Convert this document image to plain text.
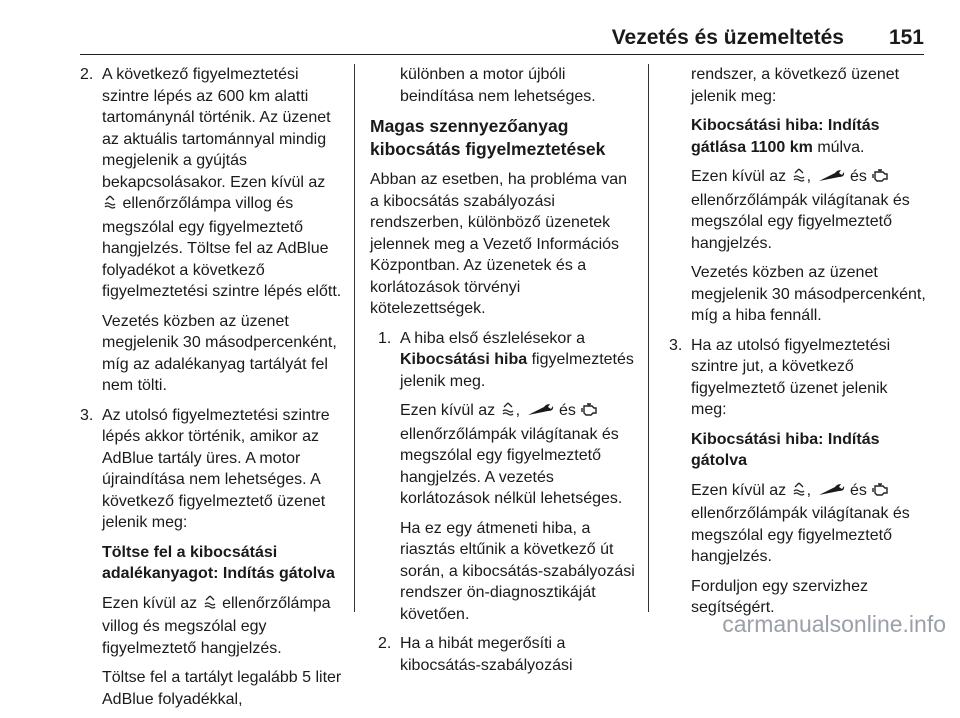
Vezetés és üzemeltetés 151
2. A következő figyelmeztetési szintre lépés az 600 km alatti tartománynál történik. Az üzenet az aktuális tartománnyal mindig megjelenik a gyújtás bekapcsolásakor. Ezen kívül az  ellenőrzőlámpa villog és megszólal egy figyelmeztető hangjelzés. Töltse fel az AdBlue folyadékot a következő figyelmeztetési szintre lépés előtt.
Vezetés közben az üzenet megjelenik 30 másodpercenként, míg az adalékanyag tartályát fel nem tölti.
3. Az utolsó figyelmeztetési szintre lépés akkor történik, amikor az AdBlue tartály üres. A motor újraindítása nem lehetséges. A következő figyelmeztető üzenet jelenik meg:
Töltse fel a kibocsátási adalékanyagot: Indítás gátolva
Ezen kívül az ellenőrzőlámpa villog és megszólal egy figyelmeztető hangjelzés.
Töltse fel a tartályt legalább 5 liter AdBlue folyadékkal,
különben a motor újbóli beindítása nem lehetséges.
Magas szennyezőanyag kibocsátás figyelmeztetések
Abban az esetben, ha probléma van a kibocsátás szabályozási rendszerben, különböző üzenetek jelennek meg a Vezető Információs Központban. Az üzenetek és a korlátozások törvényi kötelezettségek.
1. A hiba első észlelésekor a Kibocsátási hiba figyelmeztetés jelenik meg.
Ezen kívül az , és  ellenőrzőlámpák világítanak és megszólal egy figyelmeztető hangjelzés. A vezetés korlátozások nélkül lehetséges.
Ha ez egy átmeneti hiba, a riasztás eltűnik a következő út során, a kibocsátás-szabályozási rendszer ön-diagnosztikáját követően.
2. Ha a hibát megerősíti a kibocsátás-szabályozási
rendszer, a következő üzenet jelenik meg:
Kibocsátási hiba: Indítás gátlása 1100 km múlva.
Ezen kívül az , és  ellenőrzőlámpák világítanak és megszólal egy figyelmeztető hangjelzés.
Vezetés közben az üzenet megjelenik 30 másodpercenként, míg a hiba fennáll.
3. Ha az utolsó figyelmeztetési szintre jut, a következő figyelmeztető üzenet jelenik meg:
Kibocsátási hiba: Indítás gátolva
Ezen kívül az , és  ellenőrzőlámpák világítanak és megszólal egy figyelmeztető hangjelzés.
Forduljon egy szervizhez segítségért.
carmanualsonline.info
